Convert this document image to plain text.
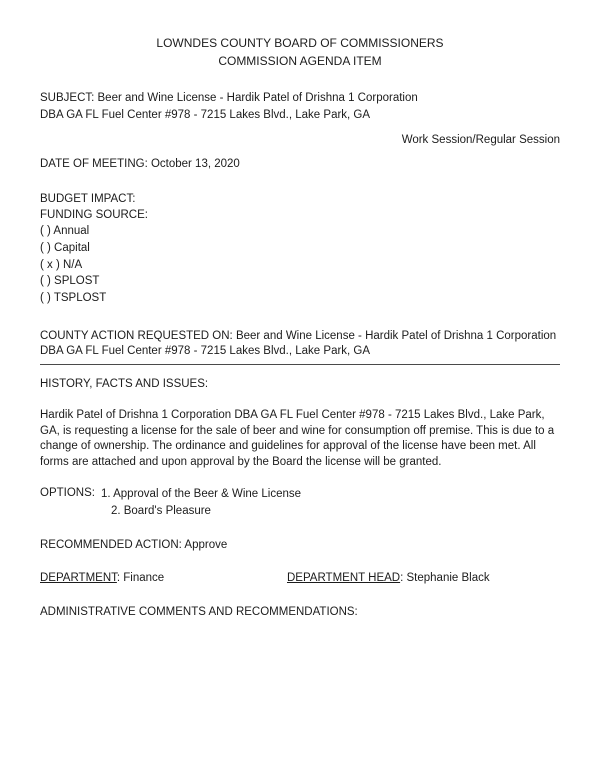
LOWNDES COUNTY BOARD OF COMMISSIONERS
COMMISSION AGENDA ITEM
SUBJECT: Beer and Wine License - Hardik Patel of Drishna 1 Corporation
DBA GA FL Fuel Center #978 - 7215 Lakes Blvd., Lake Park, GA
Work Session/Regular Session
DATE OF MEETING: October 13, 2020
BUDGET IMPACT:
FUNDING SOURCE:
( ) Annual
( ) Capital
( x ) N/A
( ) SPLOST
( ) TSPLOST
COUNTY ACTION REQUESTED ON: Beer and Wine License - Hardik Patel of Drishna 1 Corporation DBA GA FL Fuel Center #978 - 7215 Lakes Blvd., Lake Park, GA
HISTORY, FACTS AND ISSUES:
Hardik Patel of Drishna 1 Corporation DBA GA FL Fuel Center #978 - 7215 Lakes Blvd., Lake Park, GA, is requesting a license for the sale of beer and wine for consumption off premise. This is due to a change of ownership. The ordinance and guidelines for approval of the license have been met. All forms are attached and upon approval by the Board the license will be granted.
OPTIONS: 1. Approval of the Beer & Wine License
2. Board's Pleasure
RECOMMENDED ACTION: Approve
DEPARTMENT: Finance	DEPARTMENT HEAD: Stephanie Black
ADMINISTRATIVE COMMENTS AND RECOMMENDATIONS:
